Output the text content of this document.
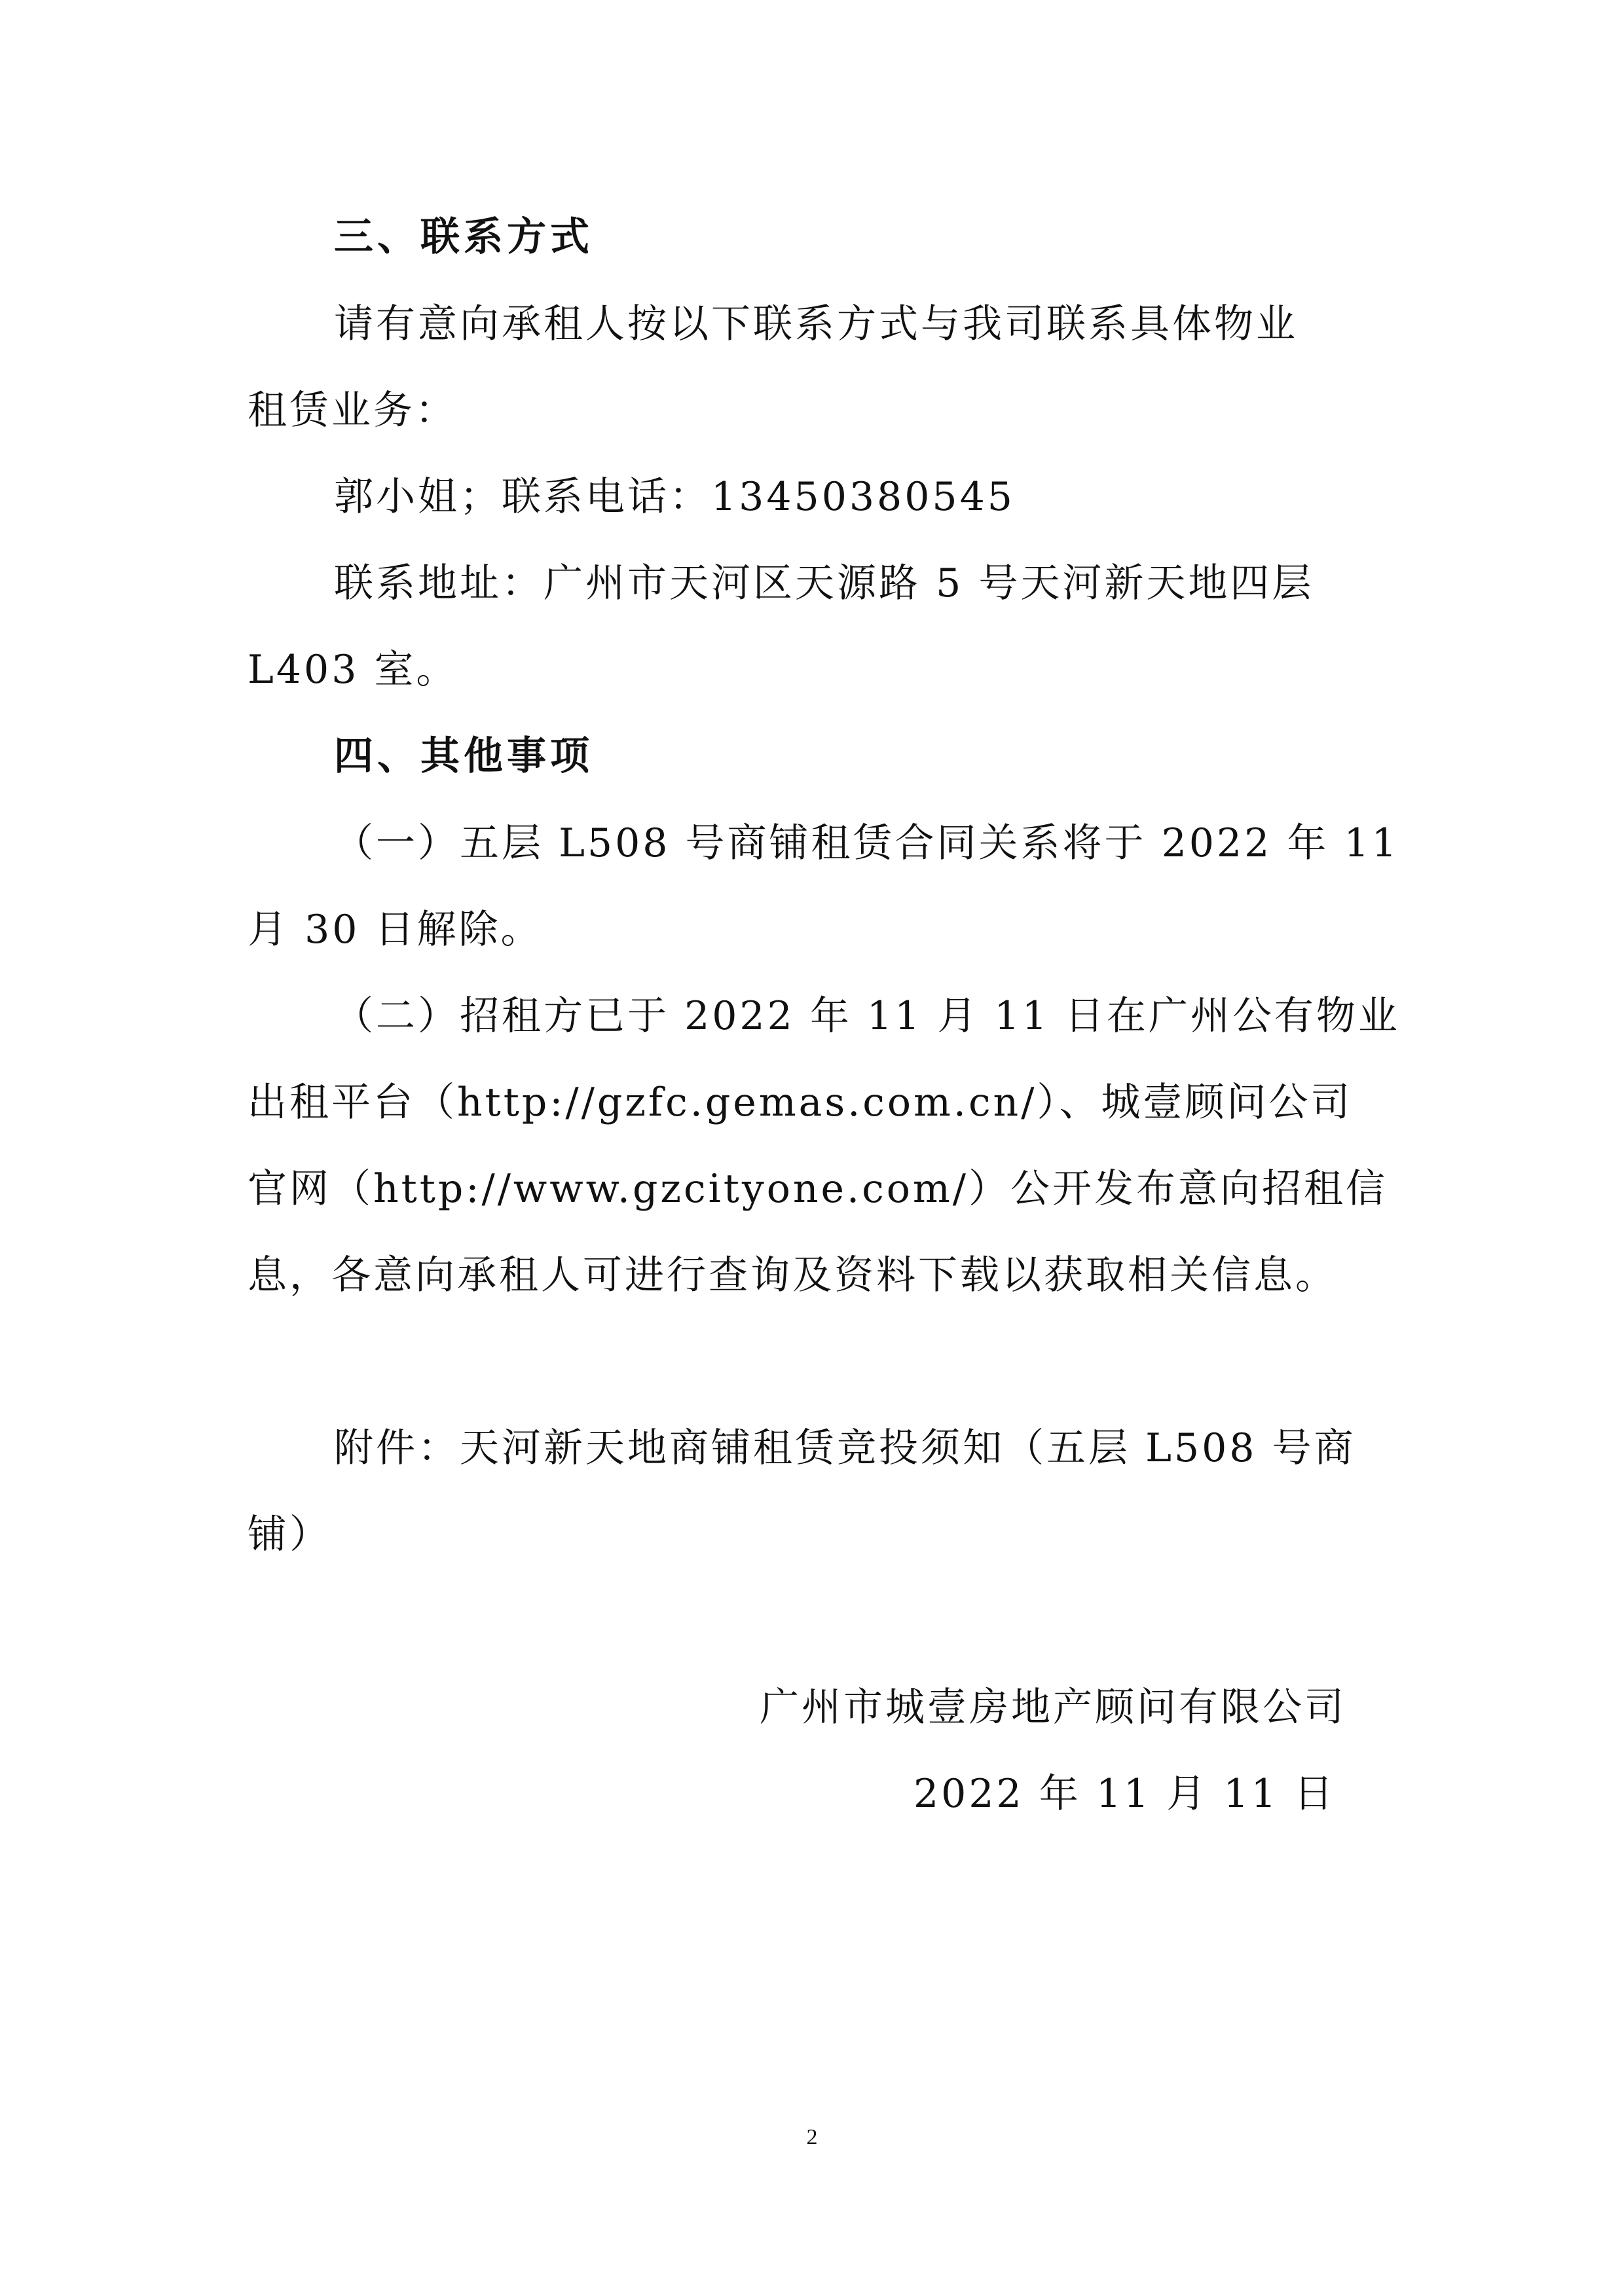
三、联系方式
请有意向承租人按以下联系方式与我司联系具体物业
租赁业务：
郭小姐；联系电话：13450380545
联系地址：广州市天河区天源路 5 号天河新天地四层
L403 室。
四、其他事项
（一）五层 L508 号商铺租赁合同关系将于 2022 年 11
月 30 日解除。
（二）招租方已于 2022 年 11 月 11 日在广州公有物业
出租平台（http://gzfc.gemas.com.cn/）、城壹顾问公司
官网（http://www.gzcityone.com/）公开发布意向招租信
息，各意向承租人可进行查询及资料下载以获取相关信息。
附件：天河新天地商铺租赁竞投须知（五层 L508 号商
铺）
广州市城壹房地产顾问有限公司
2022 年 11 月 11 日
2
